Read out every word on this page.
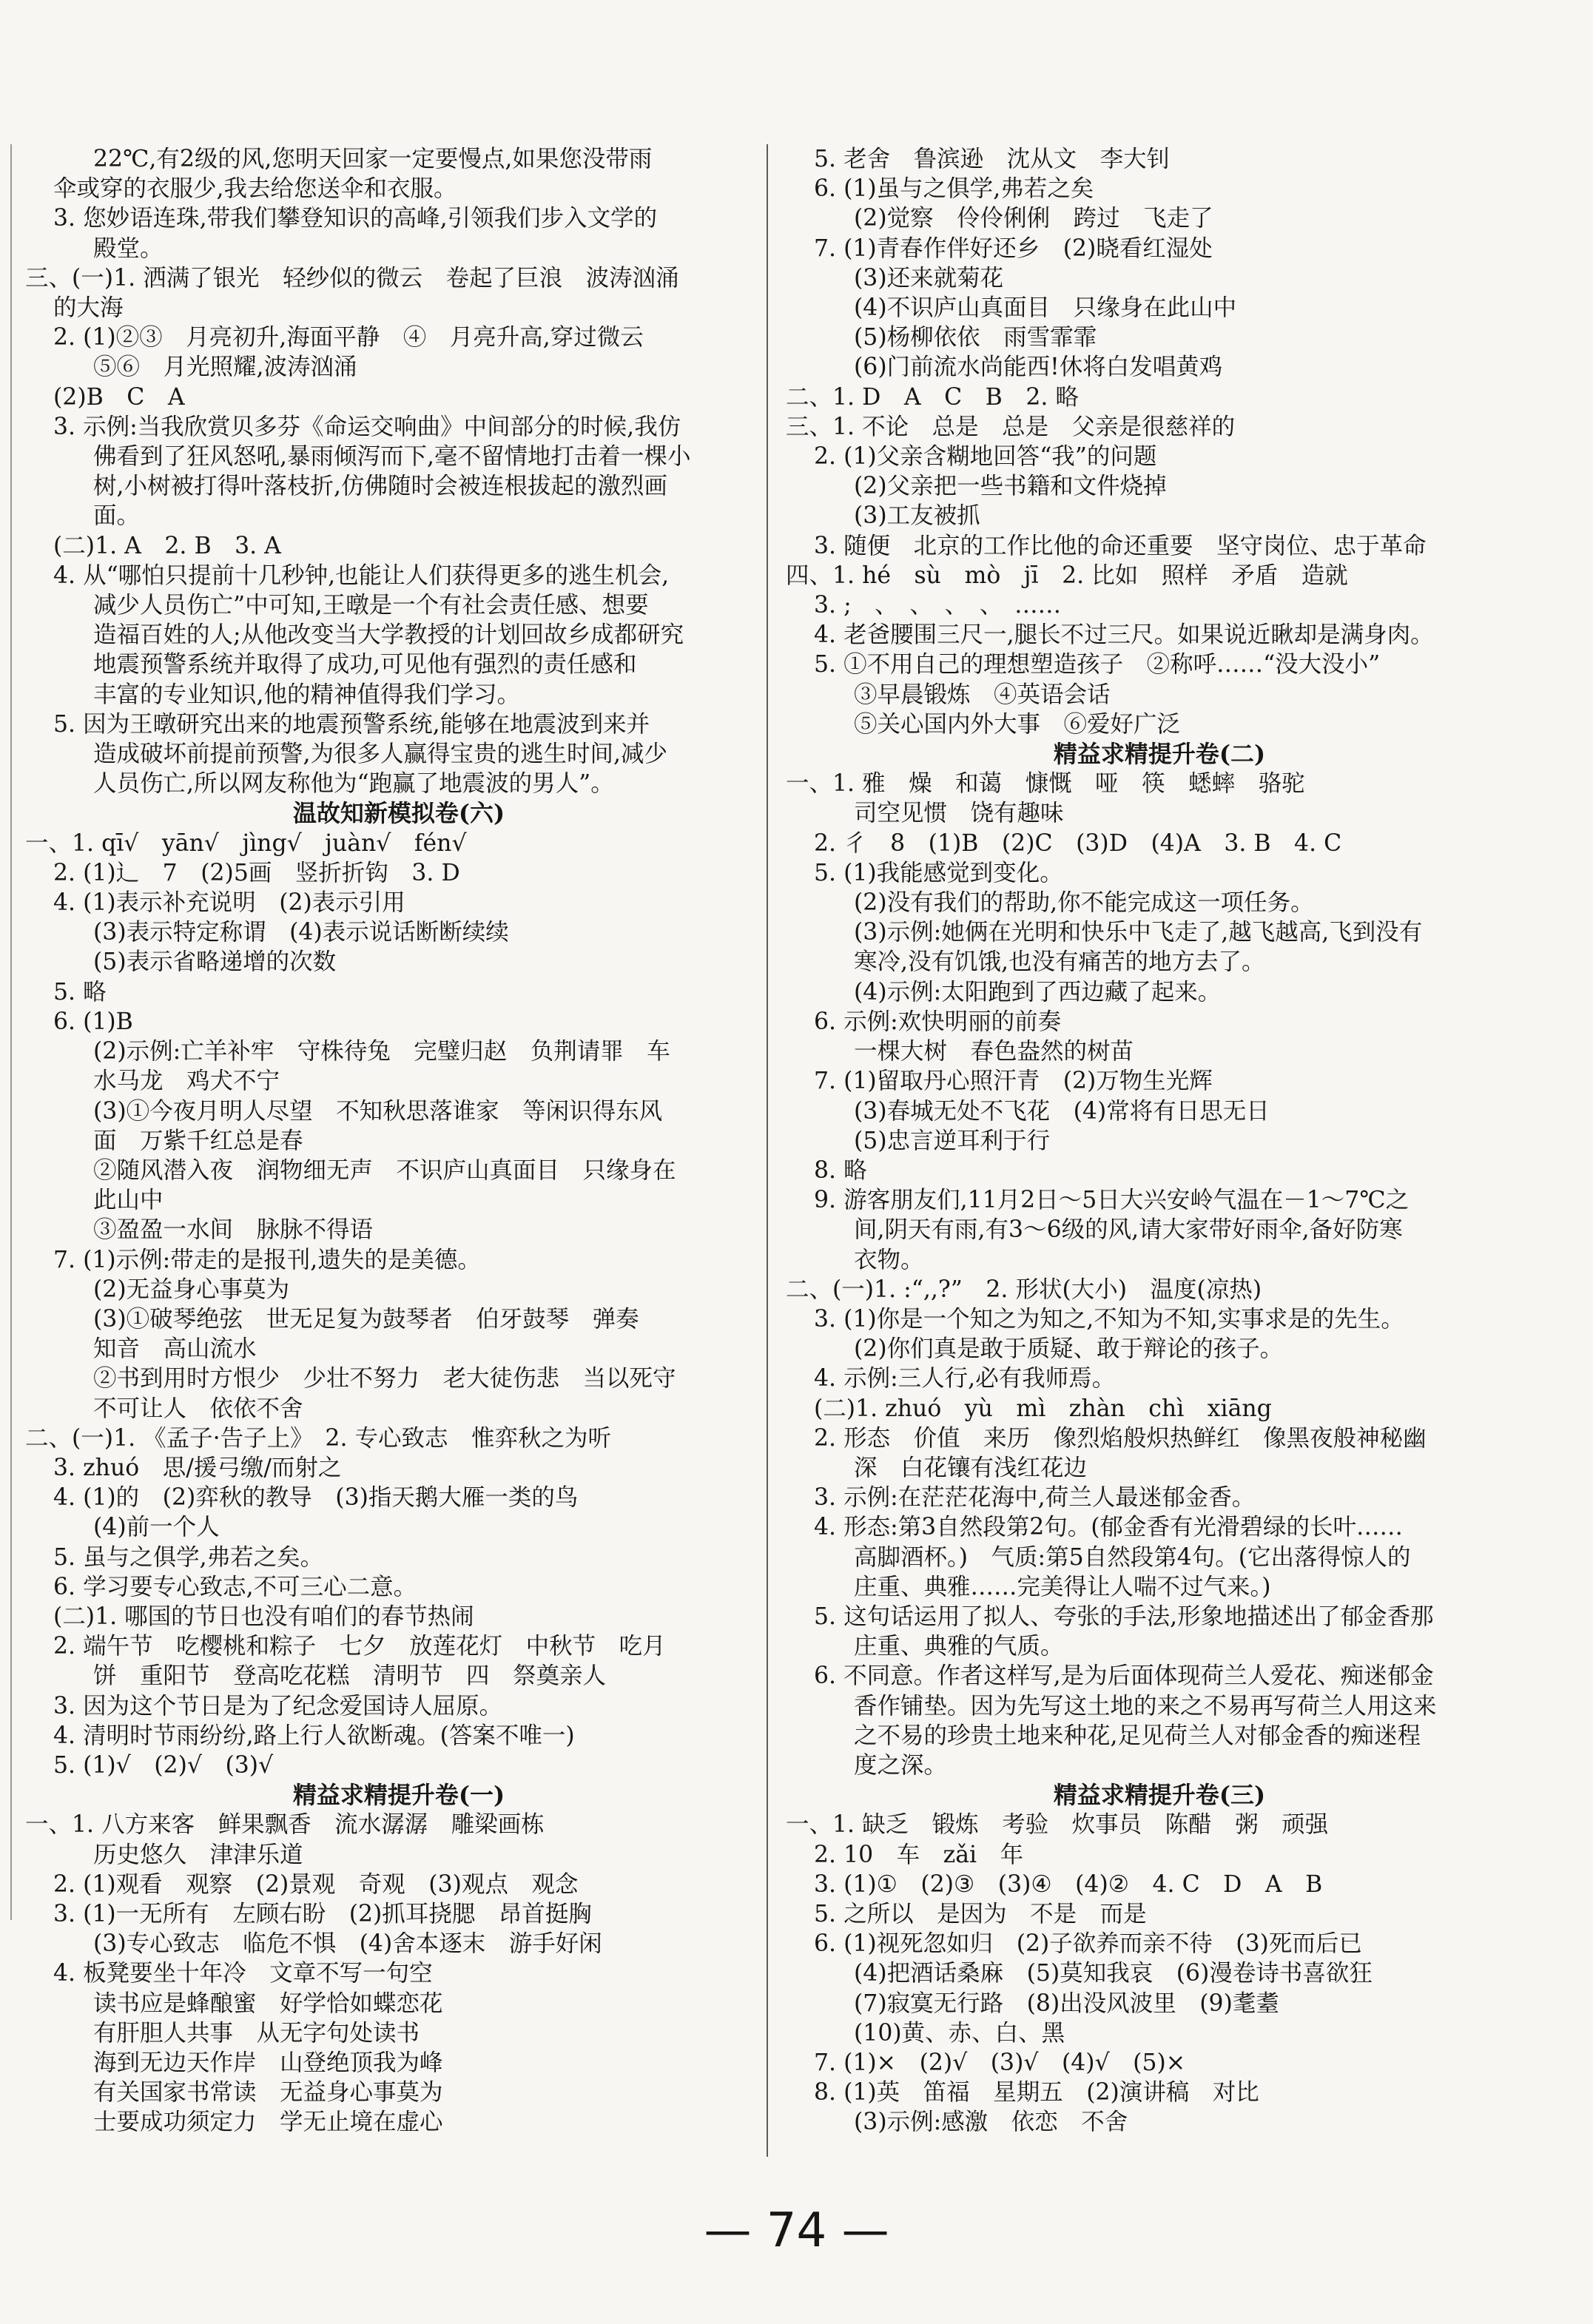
22℃,有2级的风,您明天回家一定要慢点,如果您没带雨
伞或穿的衣服少,我去给您送伞和衣服。
3. 您妙语连珠,带我们攀登知识的高峰,引领我们步入文学的
殿堂。
三、(一)1. 洒满了银光　轻纱似的微云　卷起了巨浪　波涛汹涌
的大海
2. (1)②③　月亮初升,海面平静　④　月亮升高,穿过微云
⑤⑥　月光照耀,波涛汹涌
(2)B　C　A
3. 示例:当我欣赏贝多芬《命运交响曲》中间部分的时候,我仿
佛看到了狂风怒吼,暴雨倾泻而下,毫不留情地打击着一棵小
树,小树被打得叶落枝折,仿佛随时会被连根拔起的激烈画
面。
(二)1. A　2. B　3. A
4. 从“哪怕只提前十几秒钟,也能让人们获得更多的逃生机会,
减少人员伤亡”中可知,王暾是一个有社会责任感、想要
造福百姓的人;从他改变当大学教授的计划回故乡成都研究
地震预警系统并取得了成功,可见他有强烈的责任感和
丰富的专业知识,他的精神值得我们学习。
5. 因为王暾研究出来的地震预警系统,能够在地震波到来并
造成破坏前提前预警,为很多人赢得宝贵的逃生时间,减少
人员伤亡,所以网友称他为“跑赢了地震波的男人”。
温故知新模拟卷(六)
一、1. qī√　yān√　jìng√　juàn√　fén√
2. (1)辶　7　(2)5画　竖折折钩　3. D
4. (1)表示补充说明　(2)表示引用
(3)表示特定称谓　(4)表示说话断断续续
(5)表示省略递增的次数
5. 略
6. (1)B
(2)示例:亡羊补牢　守株待兔　完璧归赵　负荆请罪　车
水马龙　鸡犬不宁
(3)①今夜月明人尽望　不知秋思落谁家　等闲识得东风
面　万紫千红总是春
②随风潜入夜　润物细无声　不识庐山真面目　只缘身在
此山中
③盈盈一水间　脉脉不得语
7. (1)示例:带走的是报刊,遗失的是美德。
(2)无益身心事莫为
(3)①破琴绝弦　世无足复为鼓琴者　伯牙鼓琴　弹奏
知音　高山流水
②书到用时方恨少　少壮不努力　老大徒伤悲　当以死守
不可让人　依依不舍
二、(一)1. 《孟子·告子上》　2. 专心致志　惟弈秋之为听
3. zhuó　思/援弓缴/而射之
4. (1)的　(2)弈秋的教导　(3)指天鹅大雁一类的鸟
(4)前一个人
5. 虽与之俱学,弗若之矣。
6. 学习要专心致志,不可三心二意。
(二)1. 哪国的节日也没有咱们的春节热闹
2. 端午节　吃樱桃和粽子　七夕　放莲花灯　中秋节　吃月
饼　重阳节　登高吃花糕　清明节　四　祭奠亲人
3. 因为这个节日是为了纪念爱国诗人屈原。
4. 清明时节雨纷纷,路上行人欲断魂。(答案不唯一)
5. (1)√　(2)√　(3)√
精益求精提升卷(一)
一、1. 八方来客　鲜果飘香　流水潺潺　雕梁画栋
历史悠久　津津乐道
2. (1)观看　观察　(2)景观　奇观　(3)观点　观念
3. (1)一无所有　左顾右盼　(2)抓耳挠腮　昂首挺胸
(3)专心致志　临危不惧　(4)舍本逐末　游手好闲
4. 板凳要坐十年冷　文章不写一句空
读书应是蜂酿蜜　好学恰如蝶恋花
有肝胆人共事　从无字句处读书
海到无边天作岸　山登绝顶我为峰
有关国家书常读　无益身心事莫为
士要成功须定力　学无止境在虚心
5. 老舍　鲁滨逊　沈从文　李大钊
6. (1)虽与之俱学,弗若之矣
(2)觉察　伶伶俐俐　跨过　飞走了
7. (1)青春作伴好还乡　(2)晓看红湿处
(3)还来就菊花
(4)不识庐山真面目　只缘身在此山中
(5)杨柳依依　雨雪霏霏
(6)门前流水尚能西!休将白发唱黄鸡
二、1. D　A　C　B　2. 略
三、1. 不论　总是　总是　父亲是很慈祥的
2. (1)父亲含糊地回答“我”的问题
(2)父亲把一些书籍和文件烧掉
(3)工友被抓
3. 随便　北京的工作比他的命还重要　坚守岗位、忠于革命
四、1. hé　sù　mò　jī　2. 比如　照样　矛盾　造就
3. ;　、　、　、　、　……
4. 老爸腰围三尺一,腿长不过三尺。如果说近瞅却是满身肉。
5. ①不用自己的理想塑造孩子　②称呼……“没大没小”
③早晨锻炼　④英语会话
⑤关心国内外大事　⑥爱好广泛
精益求精提升卷(二)
一、1. 雅　燥　和蔼　慷慨　哑　筷　蟋蟀　骆驼
司空见惯　饶有趣味
2. 彳　8　(1)B　(2)C　(3)D　(4)A　3. B　4. C
5. (1)我能感觉到变化。
(2)没有我们的帮助,你不能完成这一项任务。
(3)示例:她俩在光明和快乐中飞走了,越飞越高,飞到没有
寒冷,没有饥饿,也没有痛苦的地方去了。
(4)示例:太阳跑到了西边藏了起来。
6. 示例:欢快明丽的前奏
一棵大树　春色盎然的树苗
7. (1)留取丹心照汗青　(2)万物生光辉
(3)春城无处不飞花　(4)常将有日思无日
(5)忠言逆耳利于行
8. 略
9. 游客朋友们,11月2日～5日大兴安岭气温在－1～7℃之
间,阴天有雨,有3～6级的风,请大家带好雨伞,备好防寒
衣物。
二、(一)1. :“,,?”　2. 形状(大小)　温度(凉热)
3. (1)你是一个知之为知之,不知为不知,实事求是的先生。
(2)你们真是敢于质疑、敢于辩论的孩子。
4. 示例:三人行,必有我师焉。
(二)1. zhuó　yù　mì　zhàn　chì　xiāng
2. 形态　价值　来历　像烈焰般炽热鲜红　像黑夜般神秘幽
深　白花镶有浅红花边
3. 示例:在茫茫花海中,荷兰人最迷郁金香。
4. 形态:第3自然段第2句。(郁金香有光滑碧绿的长叶……
高脚酒杯。)　气质:第5自然段第4句。(它出落得惊人的
庄重、典雅……完美得让人喘不过气来。)
5. 这句话运用了拟人、夸张的手法,形象地描述出了郁金香那
庄重、典雅的气质。
6. 不同意。作者这样写,是为后面体现荷兰人爱花、痴迷郁金
香作铺垫。因为先写这土地的来之不易再写荷兰人用这来
之不易的珍贵土地来种花,足见荷兰人对郁金香的痴迷程
度之深。
精益求精提升卷(三)
一、1. 缺乏　锻炼　考验　炊事员　陈醋　粥　顽强
2. 10　车　zǎi　年
3. (1)①　(2)③　(3)④　(4)②　4. C　D　A　B
5. 之所以　是因为　不是　而是
6. (1)视死忽如归　(2)子欲养而亲不待　(3)死而后已
(4)把酒话桑麻　(5)莫知我哀　(6)漫卷诗书喜欲狂
(7)寂寞无行路　(8)出没风波里　(9)耄耋
(10)黄、赤、白、黑
7. (1)×　(2)√　(3)√　(4)√　(5)×
8. (1)英　笛福　星期五　(2)演讲稿　对比
(3)示例:感激　依恋　不舍
— 74 —
